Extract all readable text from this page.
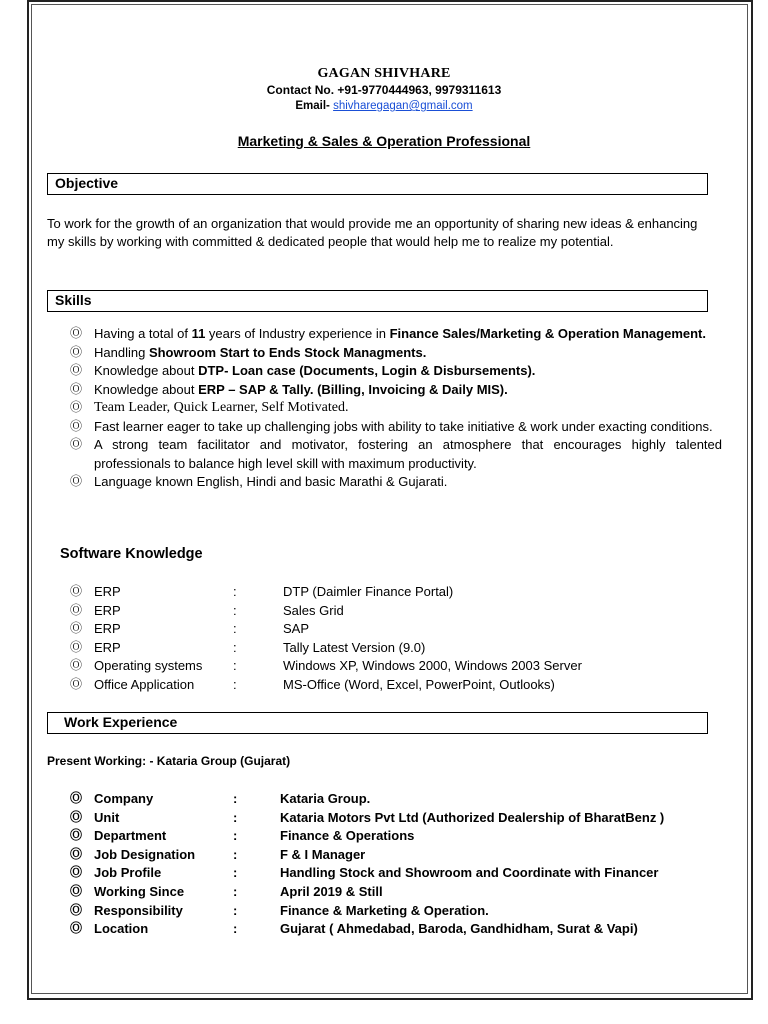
GAGAN SHIVHARE
Contact No. +91-9770444963, 9979311613
Email- shivharegagan@gmail.com
Marketing & Sales & Operation Professional
Objective
To work for the growth of an organization that would provide me an opportunity of sharing new ideas & enhancing my skills by working with committed & dedicated people that would help me to realize my potential.
Skills
Ⓞ Having a total of 11 years of Industry experience in Finance Sales/Marketing & Operation Management.
Ⓞ Handling Showroom Start to Ends Stock Managments.
Ⓞ Knowledge about DTP- Loan case (Documents, Login & Disbursements).
Ⓞ Knowledge about ERP – SAP & Tally. (Billing, Invoicing & Daily MIS).
Ⓞ Team Leader, Quick Learner, Self Motivated.
Ⓞ Fast learner eager to take up challenging jobs with ability to take initiative & work under exacting conditions.
Ⓞ A strong team facilitator and motivator, fostering an atmosphere that encourages highly talented professionals to balance high level skill with maximum productivity.
Ⓞ Language known English, Hindi and basic Marathi & Gujarati.
Software Knowledge
Ⓞ ERP	:	DTP (Daimler Finance Portal)
Ⓞ ERP	:	Sales Grid
Ⓞ ERP	:	SAP
Ⓞ ERP	:	Tally Latest Version (9.0)
Ⓞ Operating systems :	Windows XP, Windows 2000, Windows 2003 Server
Ⓞ Office Application	:	MS-Office (Word, Excel, PowerPoint, Outlooks)
Work Experience
Present Working: - Kataria Group (Gujarat)
Ⓞ Company	:	Kataria Group.
Ⓞ Unit	:	Kataria Motors Pvt Ltd (Authorized Dealership of BharatBenz )
Ⓞ Department	:	Finance & Operations
Ⓞ Job Designation	:	F & I Manager
Ⓞ Job Profile	:	Handling Stock and Showroom and Coordinate with Financer
Ⓞ Working Since	:	April 2019 & Still
Ⓞ Responsibility	:	Finance & Marketing & Operation.
Ⓞ Location	:	Gujarat ( Ahmedabad, Baroda, Gandhidham, Surat & Vapi)
